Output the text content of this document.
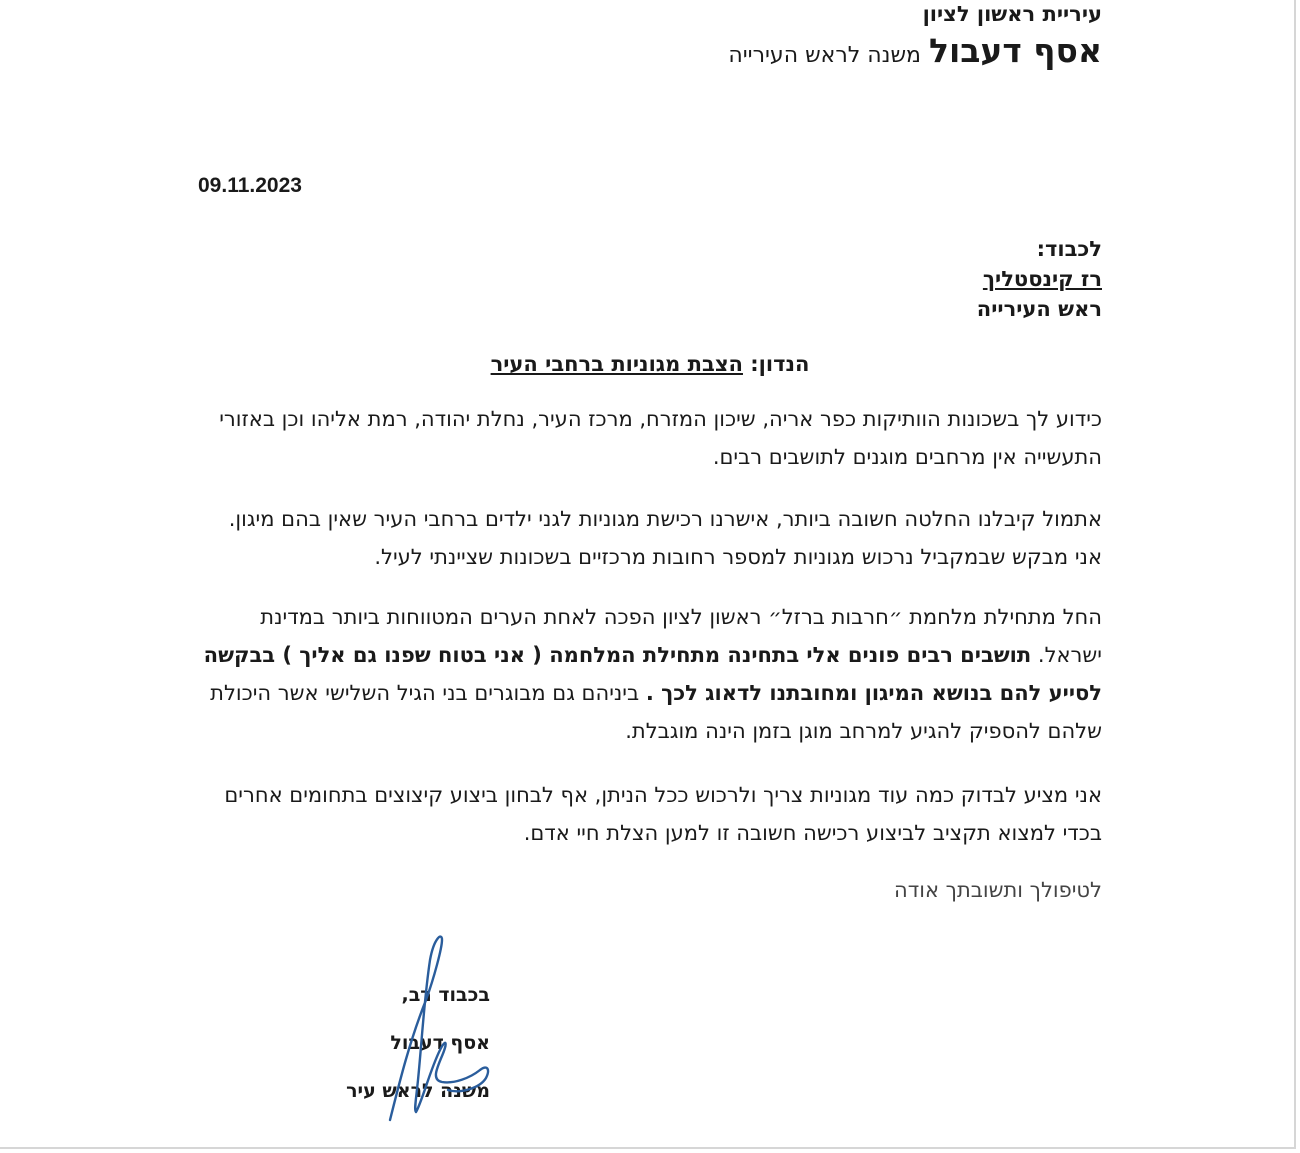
עיריית ראשון לציון
אסף דעבולמשנה לראש העירייה
09.11.2023
לכבוד:
רז קינסטליך
ראש העירייה
הנדון: הצבת מגוניות ברחבי העיר
כידוע לך בשכונות הוותיקות כפר אריה, שיכון המזרח, מרכז העיר, נחלת יהודה, רמת אליהו וכן באזורי התעשייה אין מרחבים מוגנים לתושבים רבים.
אתמול קיבלנו החלטה חשובה ביותר, אישרנו רכישת מגוניות לגני ילדים ברחבי העיר שאין בהם מיגון. אני מבקש שבמקביל נרכוש מגוניות למספר רחובות מרכזיים בשכונות שציינתי לעיל.
החל מתחילת מלחמת ״חרבות ברזל״ ראשון לציון הפכה לאחת הערים המטווחות ביותר במדינת ישראל. תושבים רבים פונים אלי בתחינה מתחילת המלחמה ( אני בטוח שפנו גם אליך ) בבקשה לסייע להם בנושא המיגון ומחובתנו לדאוג לכך . ביניהם גם מבוגרים בני הגיל השלישי אשר היכולת שלהם להספיק להגיע למרחב מוגן בזמן הינה מוגבלת.
אני מציע לבדוק כמה עוד מגוניות צריך ולרכוש ככל הניתן, אף לבחון ביצוע קיצוצים בתחומים אחרים בכדי למצוא תקציב לביצוע רכישה חשובה זו למען הצלת חיי אדם.
לטיפולך ותשובתך אודה
בכבוד רב,
אסף דעבול
משנה לראש עיר
